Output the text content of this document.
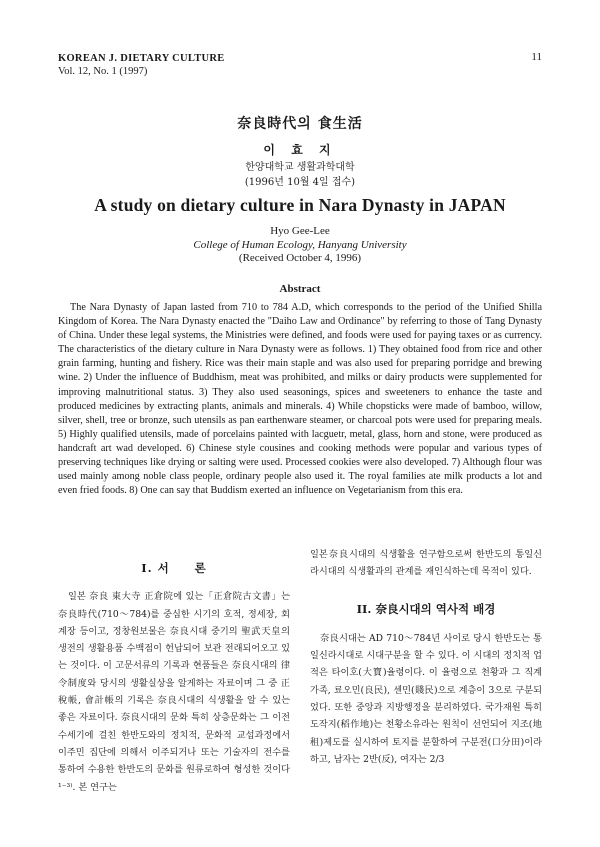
KOREAN J. DIETARY CULTURE
Vol. 12, No. 1 (1997)
11
奈良時代의 食生活
이 효 지
한양대학교 생활과학대학
(1996년 10월 4일 접수)
A study on dietary culture in Nara Dynasty in JAPAN
Hyo Gee-Lee
College of Human Ecology, Hanyang University
(Received October 4, 1996)
Abstract

The Nara Dynasty of Japan lasted from 710 to 784 A.D, which corresponds to the period of the Unified Shilla Kingdom of Korea. The Nara Dynasty enacted the "Daiho Law and Ordinance" by referring to those of Tang Dynasty of China. Under these legal systems, the Ministries were defined, and foods were used for paying taxes or as currency. The characteristics of the dietary culture in Nara Dynasty were as follows. 1) They obtained food from rice and other grain farming, hunting and fishery. Rice was their main staple and was also used for preparing porridge and brewing wine. 2) Under the influence of Buddhism, meat was prohibited, and milks or dairy products were supplemented for improving malnutritional status. 3) They also used seasonings, spices and sweeteners to enhance the taste and produced medicines by extracting plants, animals and minerals. 4) While chopsticks were made of bamboo, willow, silver, shell, tree or bronze, such utensils as pan earthenware steamer, or charcoal pots were used for preparing meals. 5) Highly qualified utensils, made of porcelains painted with lacguetr, metal, glass, horn and stone, were produced as handcraft art wad developed. 6) Chinese style cousines and cooking methods were popular and various types of preserving techniques like drying or salting were used. Processed cookies were also developed. 7) Although flour was used mainly among noble class people, ordinary people also used it. The royal families ate milk products a lot and even fried foods. 8) One can say that Buddism exerted an influence on Vegetarianism from this era.

I. 서　　론

일본 奈良 東大寺 正倉院에 있는「正倉院古文書」는 奈良時代(710～784)를 중심한 시기의 호적, 정세장, 회계장 등이고, 정창원보물은 奈良시대 중기의 聖武天皇의 생전의 생활용품 수백점이 헌납되어 보관 전래되어오고 있는 것이다. 이 고문서류의 기록과 현품들은 奈良시대의 律令制度와 당시의 생활실상을 알게하는 자료이며 그 중 正稅帳, 會計帳의 기록은 奈良시대의 식생활을 알 수 있는 좋은 자료이다. 奈良시대의 문화 특히 상층문화는 그 이전 수세기에 걸친 한반도와의 정치적, 문화적 교섭과정에서 이주민 집단에 의해서 이주되거나 또는 기술자의 전수를 통하여 수용한 한반도의 문화를 원류로하여 형성한 것이다¹⁻³⁾. 본 연구는

일본奈良시대의 식생활을 연구함으로써 한반도의 통일신라시대의 식생활과의 관계를 재인식하는데 목적이 있다.

II. 奈良시대의 역사적 배경

奈良시대는 AD 710～784년 사이로 당시 한반도는 통일신라시대로 시대구분을 할 수 있다. 이 시대의 정치적 업적은 타이호(大寶)율령이다. 이 율령으로 천황과 그 직계가족, 료오민(良民), 센민(賤民)으로 계층이 3으로 구분되었다. 또한 중앙과 지방행정을 분리하였다. 국가재원 특히 도작지(稻作地)는 천황소유라는 원칙이 선언되어 지조(地租)제도를 실시하여 토지를 분할하여 구분전(口分田)이라 하고, 남자는 2반(反), 여자는 2/3
